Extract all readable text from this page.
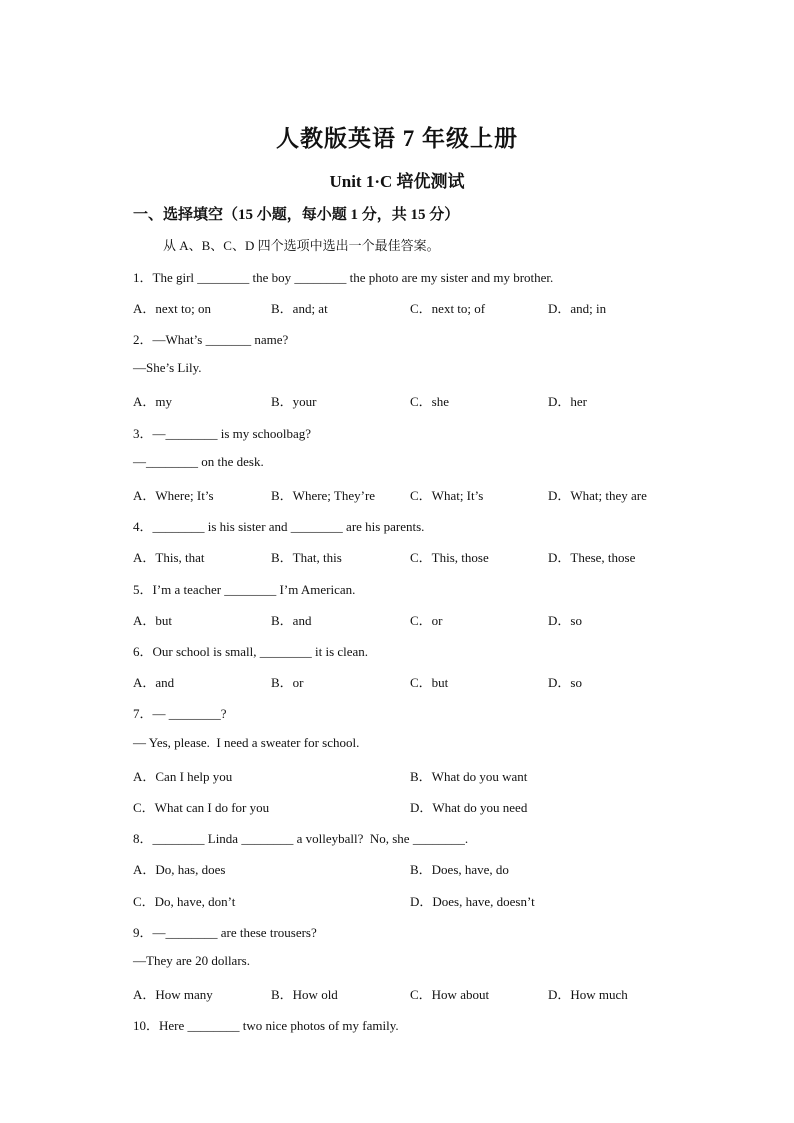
人教版英语 7 年级上册
Unit 1·C 培优测试
一、选择填空（15 小题，每小题 1 分，共 15 分）
从 A、B、C、D 四个选项中选出一个最佳答案。
1．The girl ________ the boy ________ the photo are my sister and my brother.
A．next to; on	B．and; at	C．next to; of	D．and; in
2．—What’s _______ name?
—She’s Lily.
A．my	B．your	C．she	D．her
3．—________ is my schoolbag?
—________ on the desk.
A．Where; It’s	B．Where; They’re	C．What; It’s	D．What; they are
4．________ is his sister and ________ are his parents.
A．This, that	B．That, this	C．This, those	D．These, those
5．I’m a teacher ________ I’m American.
A．but	B．and	C．or	D．so
6．Our school is small, ________ it is clean.
A．and	B．or	C．but	D．so
7．— ________?
— Yes, please.  I need a sweater for school.
A．Can I help you	B．What do you want
C．What can I do for you	D．What do you need
8．________ Linda ________ a volleyball?  No, she ________.
A．Do, has, does	B．Does, have, do
C．Do, have, don’t	D．Does, have, doesn’t
9．—________ are these trousers?
—They are 20 dollars.
A．How many	B．How old	C．How about	D．How much
10．Here ________ two nice photos of my family.
